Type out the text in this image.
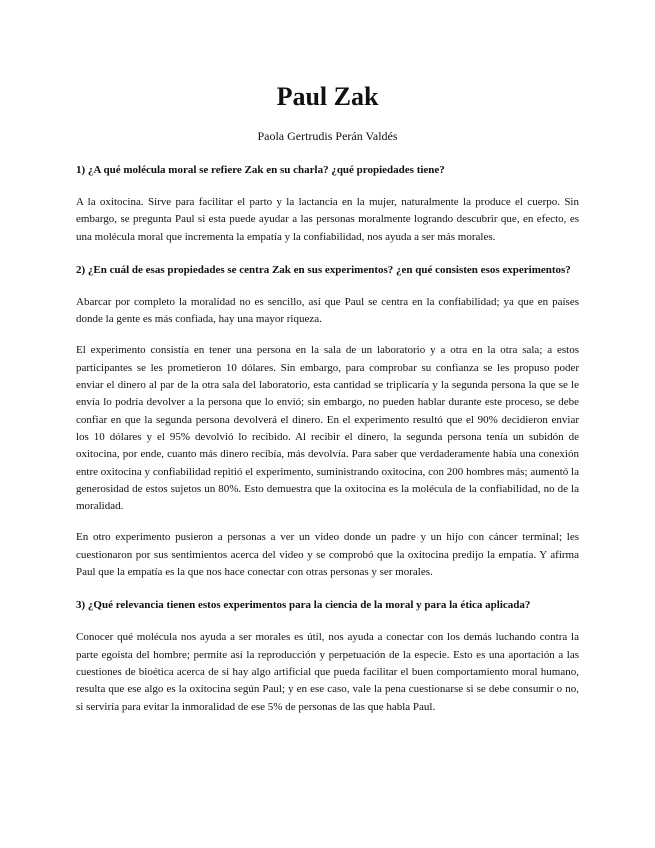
Paul Zak

Paola Gertrudis Perán Valdés

1) ¿A qué molécula moral se refiere Zak en su charla? ¿qué propiedades tiene?

A la oxitocina. Sirve para facilitar el parto y la lactancia en la mujer, naturalmente la produce el cuerpo. Sin embargo, se pregunta Paul si esta puede ayudar a las personas moralmente logrando descubrir que, en efecto, es una molécula moral que incrementa la empatía y la confiabilidad, nos ayuda a ser más morales.

2) ¿En cuál de esas propiedades se centra Zak en sus experimentos? ¿en qué consisten esos experimentos?

Abarcar por completo la moralidad no es sencillo, así que Paul se centra en la confiabilidad; ya que en países donde la gente es más confiada, hay una mayor riqueza.

El experimento consistía en tener una persona en la sala de un laboratorio y a otra en la otra sala; a estos participantes se les prometieron 10 dólares. Sin embargo, para comprobar su confianza se les propuso poder enviar el dinero al par de la otra sala del laboratorio, esta cantidad se triplicaría y la segunda persona la que se le envía lo podría devolver a la persona que lo envió; sin embargo, no pueden hablar durante este proceso, se debe confiar en que la segunda persona devolverá el dinero. En el experimento resultó que el 90% decidieron enviar los 10 dólares y el 95% devolvió lo recibido. Al recibir el dinero, la segunda persona tenía un subidón de oxitocina, por ende, cuanto más dinero recibía, más devolvía. Para saber que verdaderamente había una conexión entre oxitocina y confiabilidad repitió el experimento, suministrando oxitocina, con 200 hombres más; aumentó la generosidad de estos sujetos un 80%. Esto demuestra que la oxitocina es la molécula de la confiabilidad, no de la moralidad.

En otro experimento pusieron a personas a ver un video donde un padre y un hijo con cáncer terminal; les cuestionaron por sus sentimientos acerca del video y se comprobó que la oxitocina predijo la empatía. Y afirma Paul que la empatía es la que nos hace conectar con otras personas y ser morales.

3) ¿Qué relevancia tienen estos experimentos para la ciencia de la moral y para la ética aplicada?

Conocer qué molécula nos ayuda a ser morales es útil, nos ayuda a conectar con los demás luchando contra la parte egoísta del hombre; permite así la reproducción y perpetuación de la especie. Esto es una aportación a las cuestiones de bioética acerca de si hay algo artificial que pueda facilitar el buen comportamiento moral humano, resulta que ese algo es la oxitocina según Paul; y en ese caso, vale la pena cuestionarse si se debe consumir o no, si serviría para evitar la inmoralidad de ese 5% de personas de las que habla Paul.
